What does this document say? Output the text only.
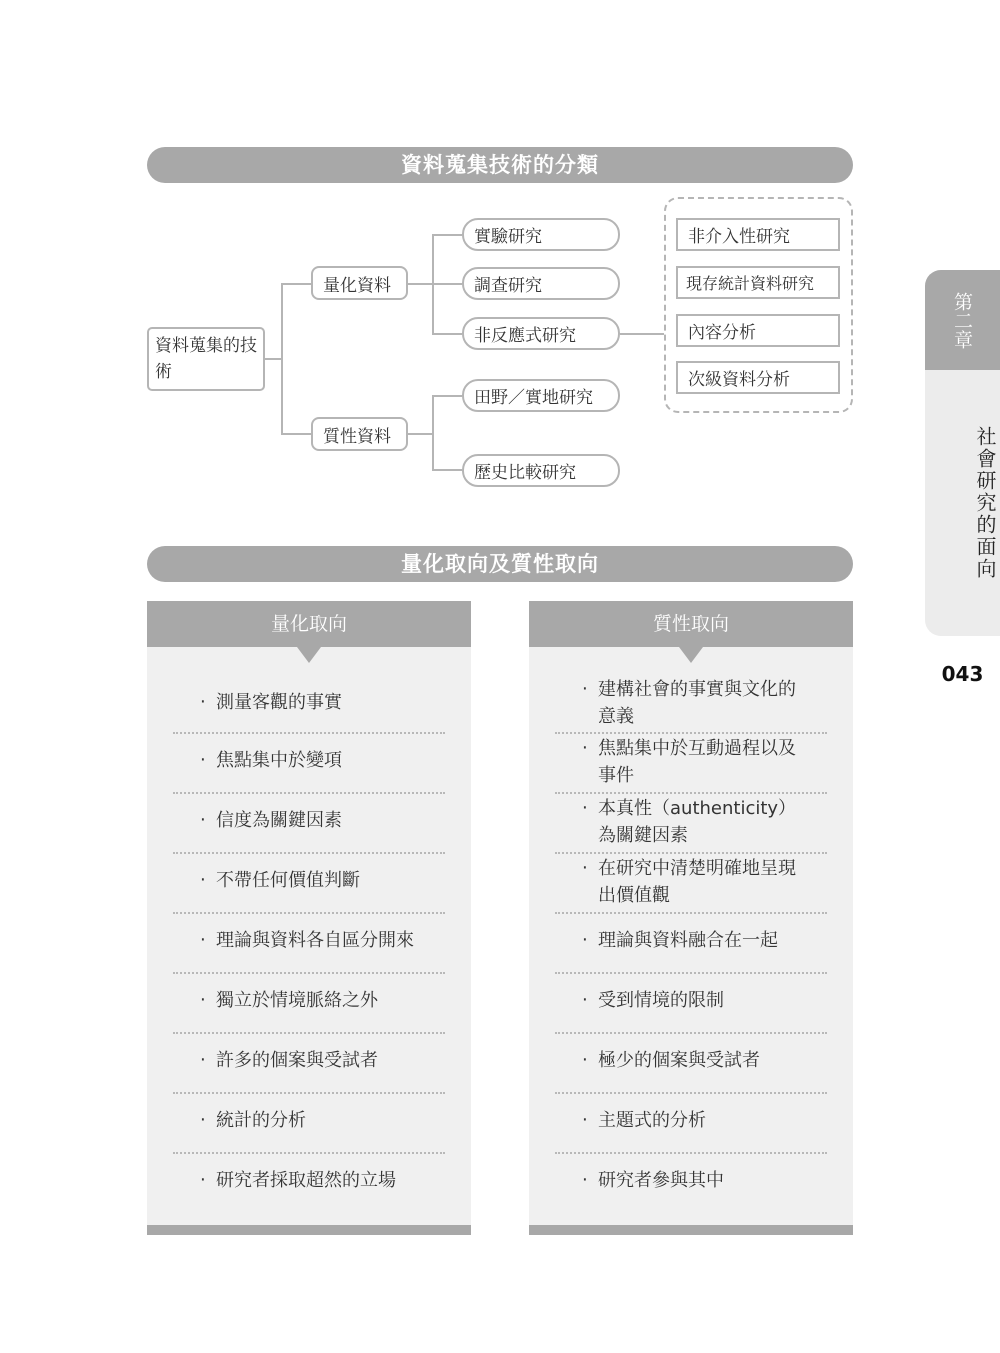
資料蒐集技術的分類
資料蒐集的技術
量化資料
質性資料
實驗研究
調查研究
非反應式研究
田野／實地研究
歷史比較研究
非介入性研究
現存統計資料研究
內容分析
次級資料分析
量化取向及質性取向
量化取向
‧ 測量客觀的事實
‧ 焦點集中於變項
‧ 信度為關鍵因素
‧ 不帶任何價值判斷
‧ 理論與資料各自區分開來
‧ 獨立於情境脈絡之外
‧ 許多的個案與受試者
‧ 統計的分析
‧ 研究者採取超然的立場
質性取向
‧ 建構社會的事實與文化的意義
‧ 焦點集中於互動過程以及事件
‧ 本真性（authenticity）為關鍵因素
‧ 在研究中清楚明確地呈現出價值觀
‧ 理論與資料融合在一起
‧ 受到情境的限制
‧ 極少的個案與受試者
‧ 主題式的分析
‧ 研究者參與其中
第二章
社會研究的面向
043
